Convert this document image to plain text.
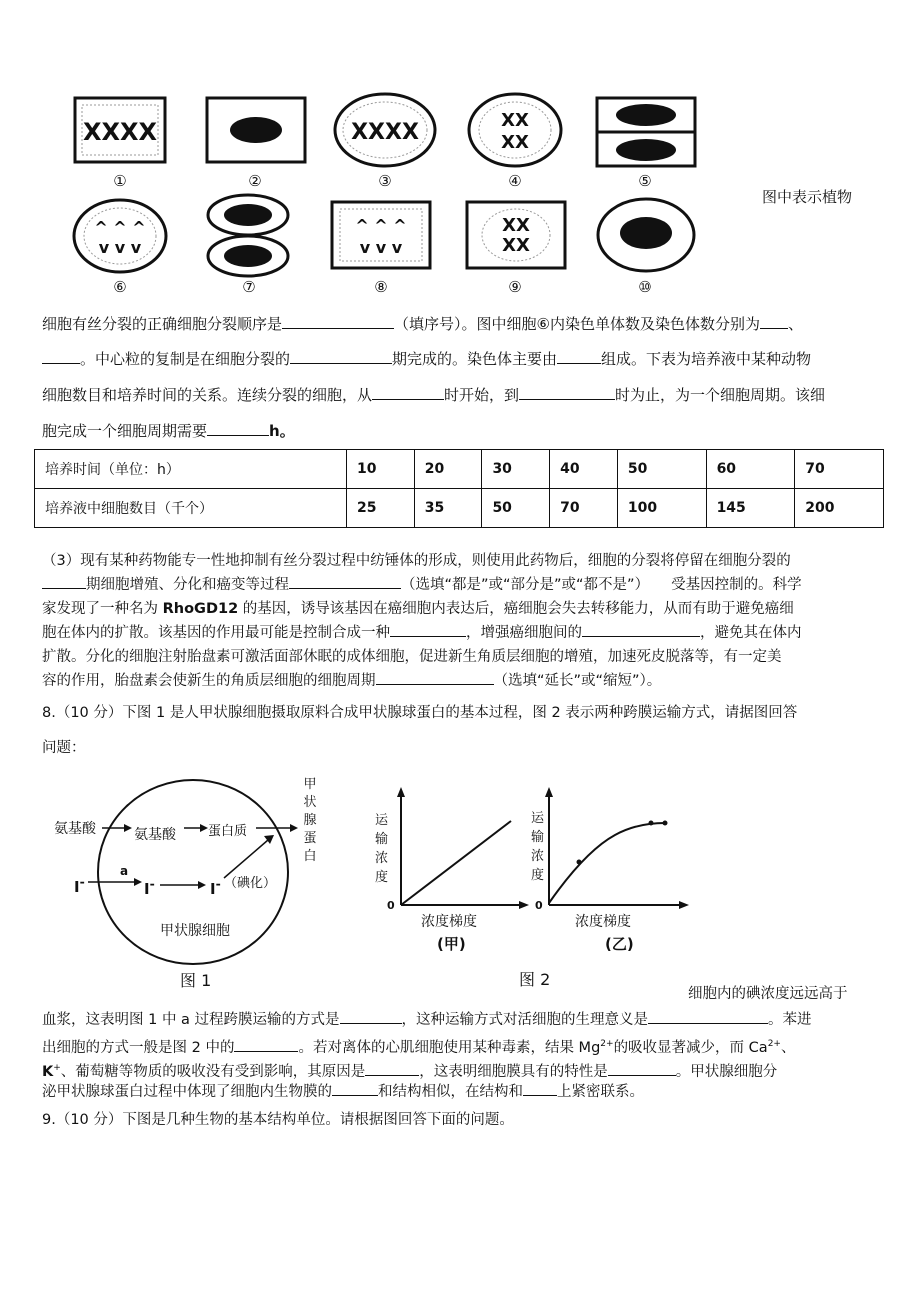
XXXX	XXXX	XX
XX
^ ^ ^
v v v
^ ^ ^
v v v
XX
XX
①	②	③	④	⑤
⑥	⑦	⑧	⑨	⑩
图中表示植物
细胞有丝分裂的正确细胞分裂顺序是	（填序号）。图中细胞⑥内染色单体数及染色体数分别为 、
。中心粒的复制是在细胞分裂的	期完成的。染色体主要由	组成。下表为培养液中某种动物
细胞数目和培养时间的关系。连续分裂的细胞，从	时开始，到	时为止，为一个细胞周期。该细
胞完成一个细胞周期需要	h。
培养时间（单位：h）	10	20	30	40	50	60	70
培养液中细胞数目（千个）	25	35	50	70	100	145	200
（3）现有某种药物能专一性地抑制有丝分裂过程中纺锤体的形成，则使用此药物后，细胞的分裂将停留在细胞分裂的
期细胞增殖、分化和癌变等过程	（选填“都是”或“部分是”或“都不是”） 受基因控制的。科学
家发现了一种名为 RhoGD12 的基因，诱导该基因在癌细胞内表达后，癌细胞会失去转移能力，从而有助于避免癌细
胞在体内的扩散。该基因的作用最可能是控制合成一种	，增强癌细胞间的	，避免其在体内
扩散。分化的细胞注射胎盘素可激活面部休眠的成体细胞，促进新生角质层细胞的增殖，加速死皮脱落等，有一定美
容的作用，胎盘素会使新生的角质层细胞的细胞周期	（选填“延长”或“缩短”）。
8.（10 分）下图 1 是人甲状腺细胞摄取原料合成甲状腺球蛋白的基本过程，图 2 表示两种跨膜运输方式，请据图回答
问题：
氨基酸	氨基酸 蛋白质
甲
状
腺
蛋
白
a
I-	I-	I- （碘化）
甲状腺细胞
图 1
运
输
浓
度
0
浓度梯度
(甲)
运
输
浓
度
0
浓度梯度
(乙)
图 2
细胞内的碘浓度远远高于
血浆，这表明图 1 中 a 过程跨膜运输的方式是	，这种运输方式对活细胞的生理意义是	。苯进
出细胞的方式一般是图 2 中的	。若对离体的心肌细胞使用某种毒素，结果 $Mg^{2+}$的吸收显著减少，而 $Ca^{2+}$、
K+、葡萄糖等物质的吸收没有受到影响，其原因是	，这表明细胞膜具有的特性是	。甲状腺细胞分
泌甲状腺球蛋白过程中体现了细胞内生物膜的	和结构相似，在结构和 上紧密联系。
9.（10 分）下图是几种生物的基本结构单位。请根据图回答下面的问题。
